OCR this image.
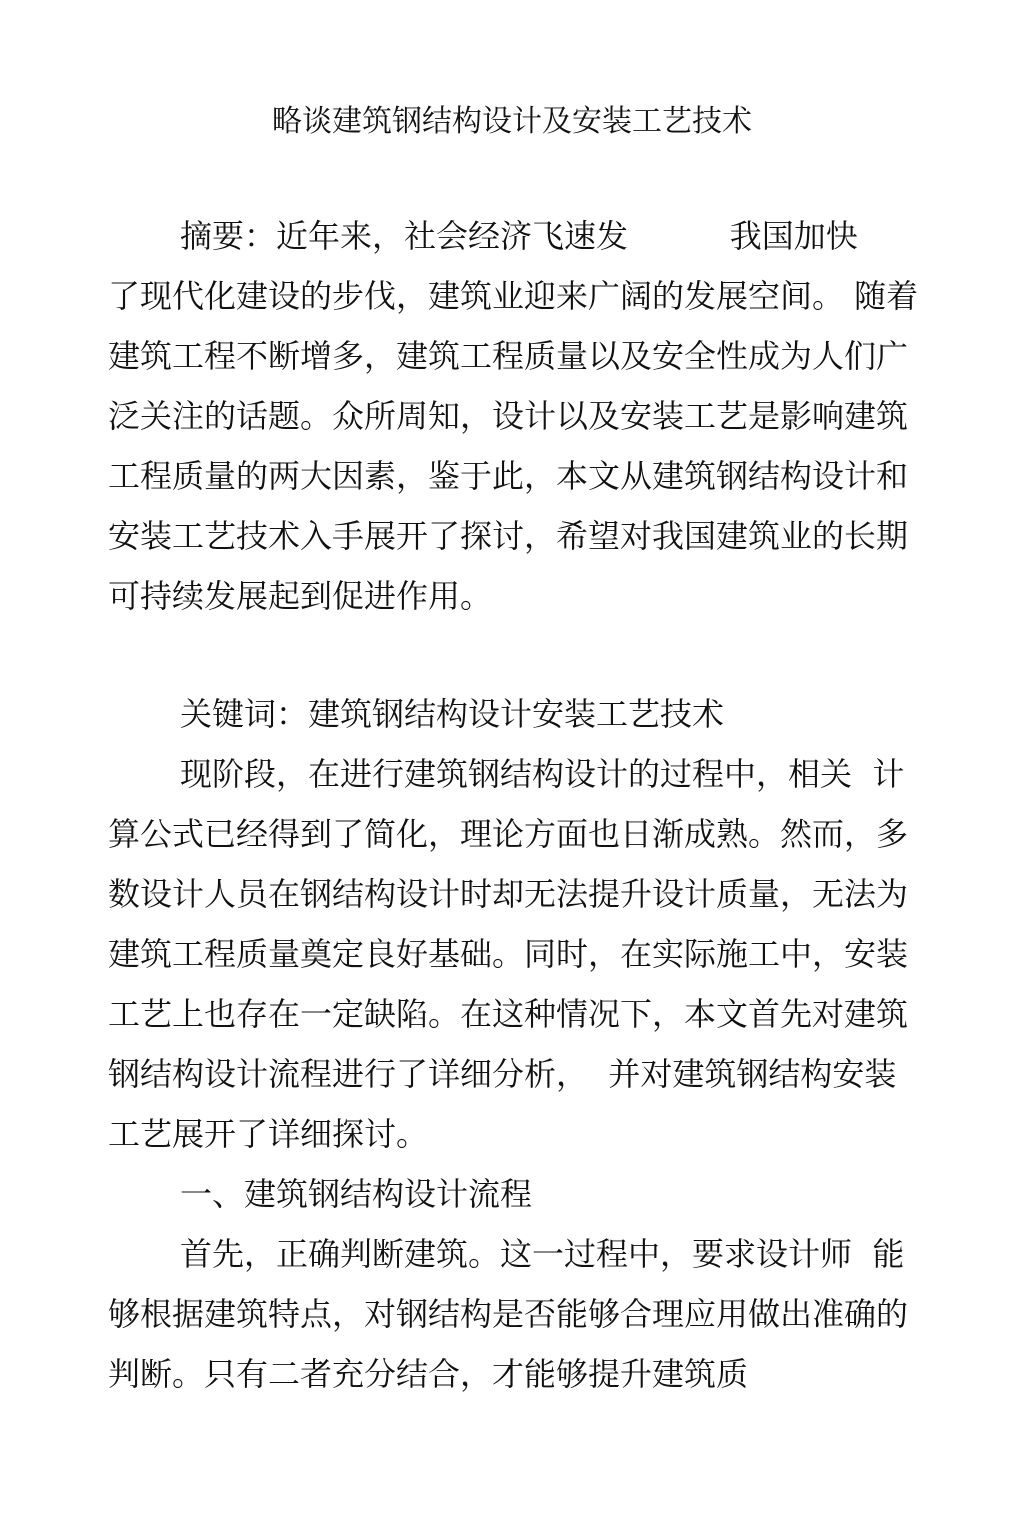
略谈建筑钢结构设计及安装工艺技术
摘要：近年来，社会经济飞速发          我国加快
了现代化建设的步伐，建筑业迎来广阔的发展空间。 随着
建筑工程不断增多，建筑工程质量以及安全性成为人们广
泛关注的话题。众所周知，设计以及安装工艺是影响建筑
工程质量的两大因素，鉴于此，本文从建筑钢结构设计和
安装工艺技术入手展开了探讨，希望对我国建筑业的长期
可持续发展起到促进作用。
关键词：建筑钢结构设计安装工艺技术
现阶段，在进行建筑钢结构设计的过程中，相关  计
算公式已经得到了简化，理论方面也日渐成熟。然而，多
数设计人员在钢结构设计时却无法提升设计质量，无法为
建筑工程质量奠定良好基础。同时，在实际施工中，安装
工艺上也存在一定缺陷。在这种情况下，本文首先对建筑
钢结构设计流程进行了详细分析，  并对建筑钢结构安装
工艺展开了详细探讨。
一、建筑钢结构设计流程
首先，正确判断建筑。这一过程中，要求设计师  能
够根据建筑特点，对钢结构是否能够合理应用做出准确的
判断。只有二者充分结合，才能够提升建筑质
